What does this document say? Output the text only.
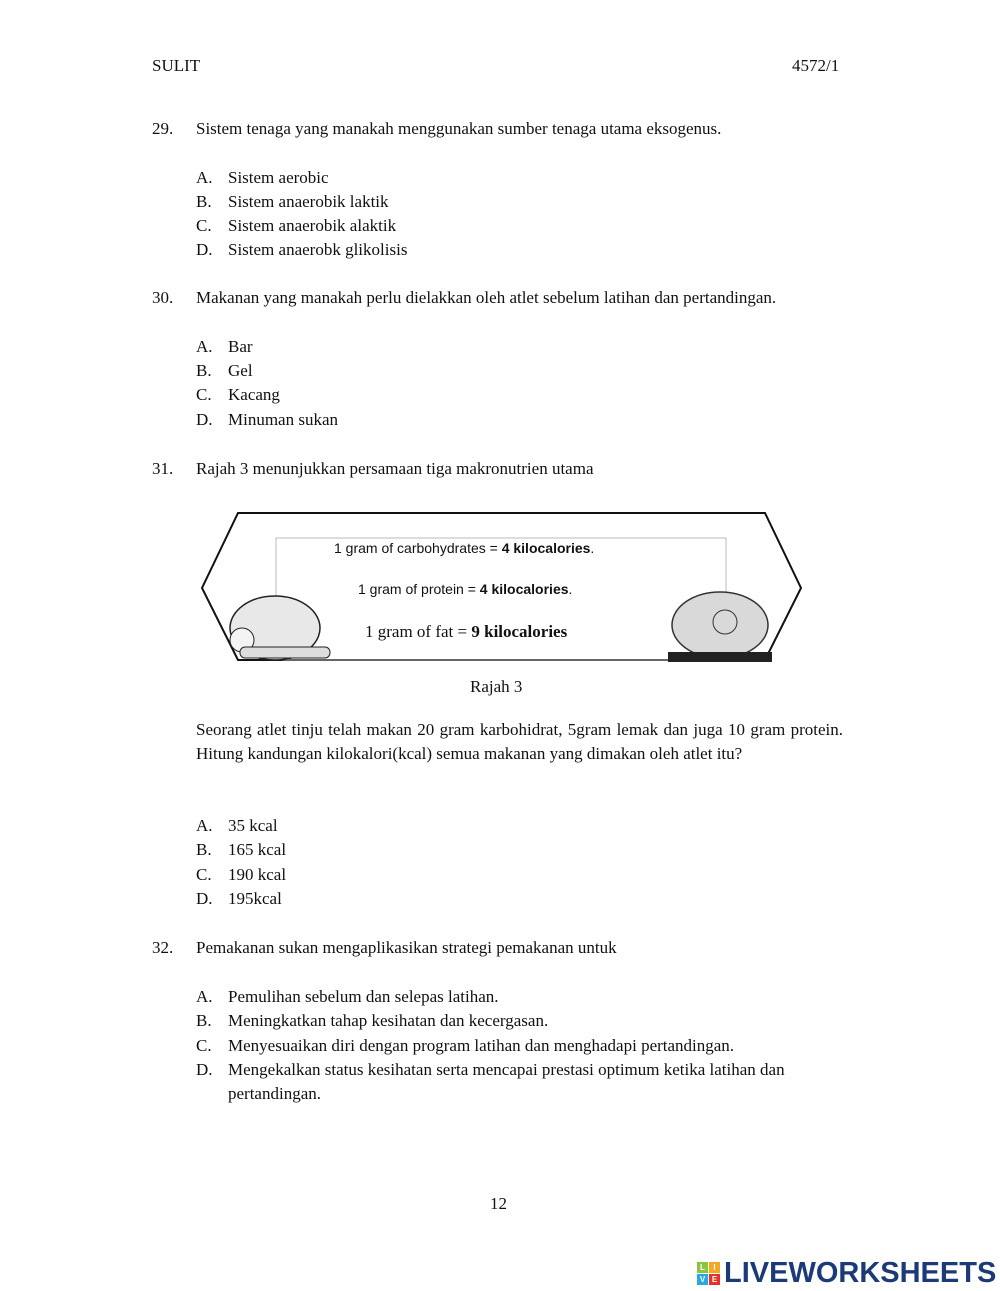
SULIT	4572/1
29. Sistem tenaga yang manakah menggunakan sumber tenaga utama eksogenus.
A. Sistem aerobic
B. Sistem anaerobik laktik
C. Sistem anaerobik alaktik
D. Sistem anaerobk glikolisis
30. Makanan yang manakah perlu dielakkan oleh atlet sebelum latihan dan pertandingan.
A. Bar
B. Gel
C. Kacang
D. Minuman sukan
31. Rajah 3 menunjukkan persamaan tiga makronutrien utama
1 gram of carbohydrates = 4 kilocalories.
1 gram of protein = 4 kilocalories.
1 gram of fat = 9 kilocalories
Rajah 3
Seorang atlet tinju telah makan 20 gram karbohidrat, 5gram lemak dan juga 10 gram protein. Hitung kandungan kilokalori(kcal) semua makanan yang dimakan oleh atlet itu?
A. 35 kcal
B. 165 kcal
C. 190 kcal
D. 195kcal
32. Pemakanan sukan mengaplikasikan strategi pemakanan untuk
A. Pemulihan sebelum dan selepas latihan.
B. Meningkatkan tahap kesihatan dan kecergasan.
C. Menyesuaikan diri dengan program latihan dan menghadapi pertandingan.
D. Mengekalkan status kesihatan serta mencapai prestasi optimum ketika latihan dan
pertandingan.
12
L	I
V E LIVEWORKSHEETS
